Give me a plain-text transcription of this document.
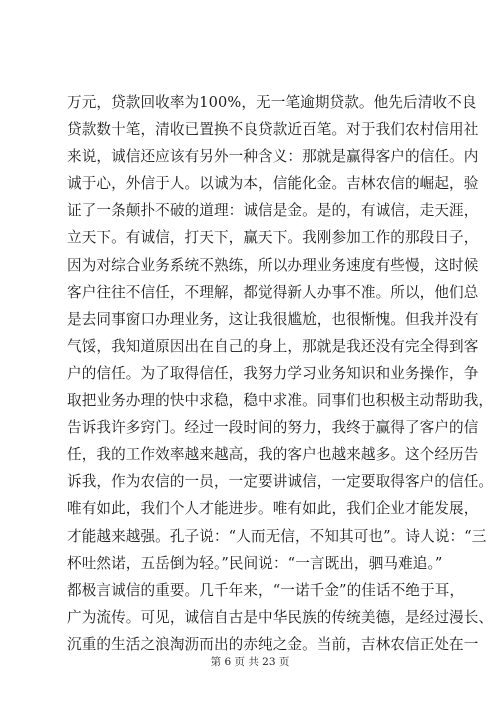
万元，贷款回收率为100%，无一笔逾期贷款。他先后清收不良
贷款数十笔，清收已置换不良贷款近百笔。对于我们农村信用社
来说，诚信还应该有另外一种含义：那就是赢得客户的信任。内
诚于心，外信于人。以诚为本，信能化金。吉林农信的崛起，验
证了一条颠扑不破的道理：诚信是金。是的，有诚信，走天涯，
立天下。有诚信，打天下，赢天下。我刚参加工作的那段日子，
因为对综合业务系统不熟练，所以办理业务速度有些慢，这时候
客户往往不信任，不理解，都觉得新人办事不准。所以，他们总
是去同事窗口办理业务，这让我很尴尬，也很惭愧。但我并没有
气馁，我知道原因出在自己的身上，那就是我还没有完全得到客
户的信任。为了取得信任，我努力学习业务知识和业务操作，争
取把业务办理的快中求稳，稳中求准。同事们也积极主动帮助我，
告诉我许多窍门。经过一段时间的努力，我终于赢得了客户的信
任，我的工作效率越来越高，我的客户也越来越多。这个经历告
诉我，作为农信的一员，一定要讲诚信，一定要取得客户的信任。
唯有如此，我们个人才能进步。唯有如此，我们企业才能发展，
才能越来越强。孔子说：“人而无信，不知其可也”。诗人说：“三
杯吐然诺，五岳倒为轻。”民间说：“一言既出，驷马难追。”
都极言诚信的重要。几千年来，“一诺千金”的佳话不绝于耳，
广为流传。可见，诚信自古是中华民族的传统美德，是经过漫长、
沉重的生活之浪淘沥而出的赤纯之金。当前，吉林农信正处在一
第 6 页 共 23 页
